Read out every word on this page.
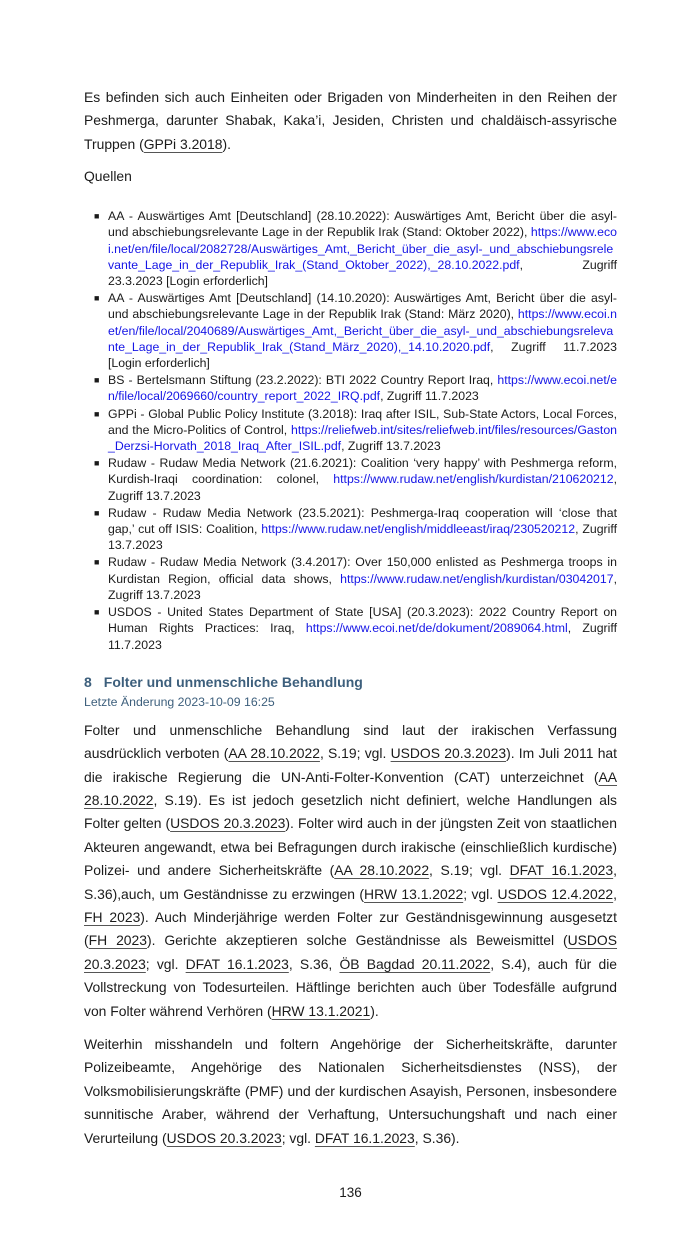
Es befinden sich auch Einheiten oder Brigaden von Minderheiten in den Reihen der Peshmerga, darunter Shabak, Kaka’i, Jesiden, Christen und chaldäisch-assyrische Truppen (GPPi 3.2018).

Quellen
■ AA - Auswärtiges Amt [Deutschland] (28.10.2022): Auswärtiges Amt, Bericht über die asyl- und abschiebungsrelevante Lage in der Republik Irak (Stand: Oktober 2022), https://www.ecoi.net/en/file/local/2082728/Auswärtiges_Amt,_Bericht_über_die_asyl-_und_abschiebungsrelevante_Lage_in_der_Republik_Irak_(Stand_Oktober_2022),_28.10.2022.pdf, Zugriff 23.3.2023 [Login erforderlich]
■ AA - Auswärtiges Amt [Deutschland] (14.10.2020): Auswärtiges Amt, Bericht über die asyl- und abschiebungsrelevante Lage in der Republik Irak (Stand: März 2020), https://www.ecoi.net/en/file/local/2040689/Auswärtiges_Amt,_Bericht_über_die_asyl-_und_abschiebungsrelevante_Lage_in_der_Republik_Irak_(Stand_März_2020),_14.10.2020.pdf, Zugriff 11.7.2023 [Login erforderlich]
■ BS - Bertelsmann Stiftung (23.2.2022): BTI 2022 Country Report Iraq, https://www.ecoi.net/en/file/local/2069660/country_report_2022_IRQ.pdf, Zugriff 11.7.2023
■ GPPi - Global Public Policy Institute (3.2018): Iraq after ISIL, Sub-State Actors, Local Forces, and the Micro-Politics of Control, https://reliefweb.int/sites/reliefweb.int/files/resources/Gaston_Derzsi-Horvath_2018_Iraq_After_ISIL.pdf, Zugriff 13.7.2023
■ Rudaw - Rudaw Media Network (21.6.2021): Coalition ‘very happy’ with Peshmerga reform, Kurdish-Iraqi coordination: colonel, https://www.rudaw.net/english/kurdistan/210620212, Zugriff 13.7.2023
■ Rudaw - Rudaw Media Network (23.5.2021): Peshmerga-Iraq cooperation will ‘close that gap,’ cut off ISIS: Coalition, https://www.rudaw.net/english/middleeast/iraq/230520212, Zugriff 13.7.2023
■ Rudaw - Rudaw Media Network (3.4.2017): Over 150,000 enlisted as Peshmerga troops in Kurdistan Region, official data shows, https://www.rudaw.net/english/kurdistan/03042017, Zugriff 13.7.2023
■ USDOS - United States Department of State [USA] (20.3.2023): 2022 Country Report on Human Rights Practices: Iraq, https://www.ecoi.net/de/dokument/2089064.html, Zugriff 11.7.2023
8 Folter und unmenschliche Behandlung
Letzte Änderung 2023-10-09 16:25

Folter und unmenschliche Behandlung sind laut der irakischen Verfassung ausdrücklich verboten (AA 28.10.2022, S.19; vgl. USDOS 20.3.2023). Im Juli 2011 hat die irakische Regierung die UN-Anti-Folter-Konvention (CAT) unterzeichnet (AA 28.10.2022, S.19). Es ist jedoch gesetzlich nicht definiert, welche Handlungen als Folter gelten (USDOS 20.3.2023). Folter wird auch in der jüngsten Zeit von staatlichen Akteuren angewandt, etwa bei Befragungen durch irakische (einschließlich kurdische) Polizei- und andere Sicherheitskräfte (AA 28.10.2022, S.19; vgl. DFAT 16.1.2023, S.36),auch, um Geständnisse zu erzwingen (HRW 13.1.2022; vgl. USDOS 12.4.2022, FH 2023). Auch Minderjährige werden Folter zur Geständnisgewinnung ausgesetzt (FH 2023). Gerichte akzeptieren solche Geständnisse als Beweismittel (USDOS 20.3.2023; vgl. DFAT 16.1.2023, S.36, ÖB Bagdad 20.11.2022, S.4), auch für die Vollstreckung von Todesurteilen. Häftlinge berichten auch über Todesfälle aufgrund von Folter während Verhören (HRW 13.1.2021).

Weiterhin misshandeln und foltern Angehörige der Sicherheitskräfte, darunter Polizeibeamte, Angehörige des Nationalen Sicherheitsdienstes (NSS), der Volksmobilisierungskräfte (PMF) und der kurdischen Asayish, Personen, insbesondere sunnitische Araber, während der Verhaftung, Untersuchungshaft und nach einer Verurteilung (USDOS 20.3.2023; vgl. DFAT 16.1.2023, S.36).

136
